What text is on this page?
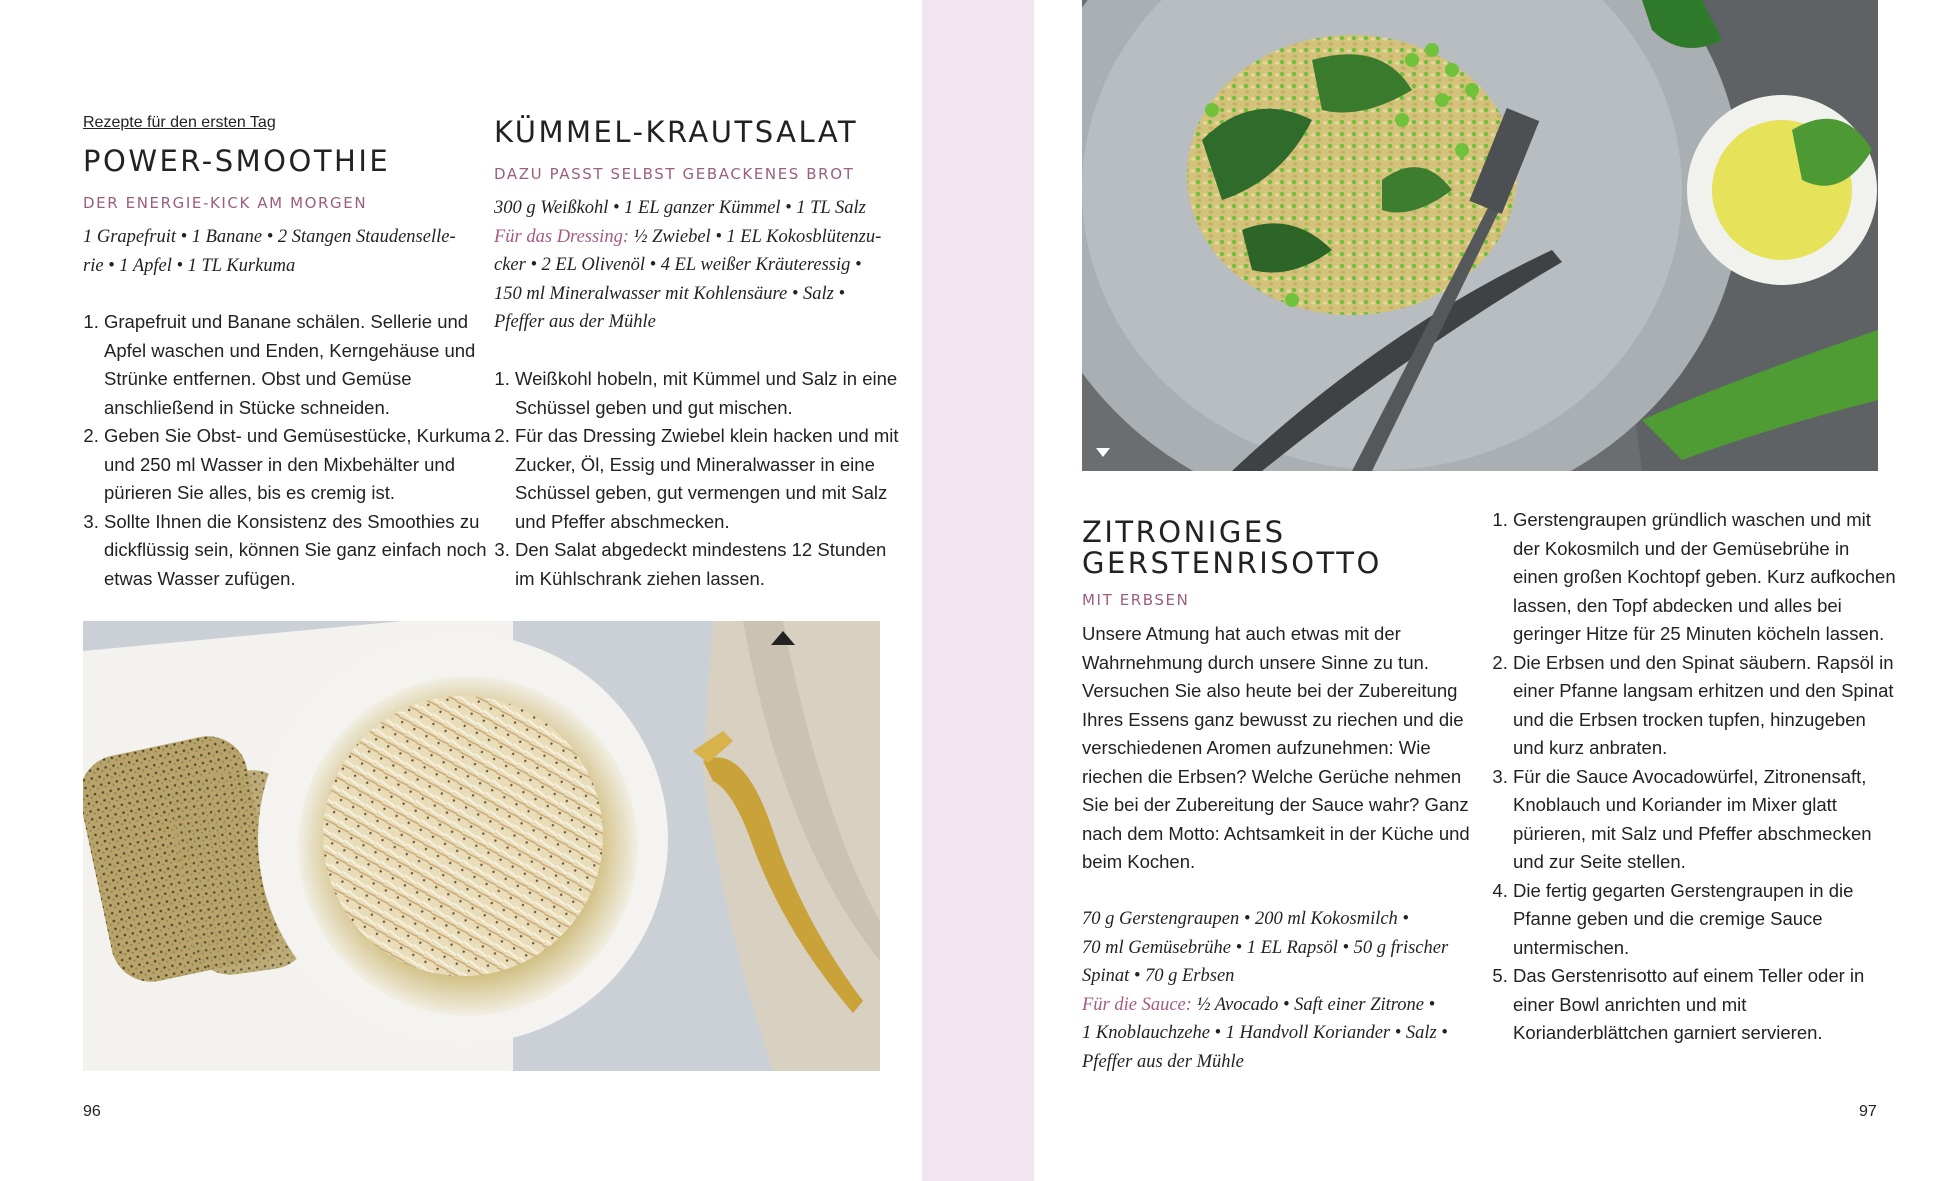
Rezepte für den ersten Tag
POWER-SMOOTHIE
DER ENERGIE-KICK AM MORGEN
1 Grapefruit • 1 Banane • 2 Stangen Staudenselle-
rie • 1 Apfel • 1 TL Kurkuma
1. Grapefruit und Banane schälen. Sellerie und Apfel waschen und Enden, Kerngehäuse und Strünke entfernen. Obst und Gemüse anschließend in Stücke schneiden.
2. Geben Sie Obst- und Gemüsestücke, Kurkuma und 250 ml Wasser in den Mixbehälter und pürieren Sie alles, bis es cremig ist.
3. Sollte Ihnen die Konsistenz des Smoothies zu dickflüssig sein, können Sie ganz einfach noch etwas Wasser zufügen.
KÜMMEL-KRAUTSALAT
DAZU PASST SELBST GEBACKENES BROT
300 g Weißkohl • 1 EL ganzer Kümmel • 1 TL Salz
Für das Dressing: ½ Zwiebel • 1 EL Kokosblütenzu-
cker • 2 EL Olivenöl • 4 EL weißer Kräuteressig •
150 ml Mineralwasser mit Kohlensäure • Salz •
Pfeffer aus der Mühle
1. Weißkohl hobeln, mit Kümmel und Salz in eine Schüssel geben und gut mischen.
2. Für das Dressing Zwiebel klein hacken und mit Zucker, Öl, Essig und Mineralwasser in eine Schüssel geben, gut vermengen und mit Salz und Pfeffer abschmecken.
3. Den Salat abgedeckt mindestens 12 Stunden im Kühlschrank ziehen lassen.
96
ZITRONIGES
GERSTENRISOTTO
MIT ERBSEN
Unsere Atmung hat auch etwas mit der Wahrnehmung durch unsere Sinne zu tun. Versuchen Sie also heute bei der Zubereitung Ihres Essens ganz bewusst zu riechen und die verschiedenen Aromen aufzunehmen: Wie riechen die Erbsen? Welche Gerüche nehmen Sie bei der Zubereitung der Sauce wahr? Ganz nach dem Motto: Achtsamkeit in der Küche und beim Kochen.
70 g Gerstengraupen • 200 ml Kokosmilch •
70 ml Gemüsebrühe • 1 EL Rapsöl • 50 g frischer
Spinat • 70 g Erbsen
Für die Sauce: ½ Avocado • Saft einer Zitrone •
1 Knoblauchzehe • 1 Handvoll Koriander • Salz •
Pfeffer aus der Mühle
1. Gerstengraupen gründlich waschen und mit der Kokosmilch und der Gemüsebrühe in einen großen Kochtopf geben. Kurz aufkochen lassen, den Topf abdecken und alles bei geringer Hitze für 25 Minuten köcheln lassen.
2. Die Erbsen und den Spinat säubern. Rapsöl in einer Pfanne langsam erhitzen und den Spinat und die Erbsen trocken tupfen, hinzugeben und kurz anbraten.
3. Für die Sauce Avocadowürfel, Zitronensaft, Knoblauch und Koriander im Mixer glatt pürieren, mit Salz und Pfeffer abschmecken und zur Seite stellen.
4. Die fertig gegarten Gerstengraupen in die Pfanne geben und die cremige Sauce untermischen.
5. Das Gerstenrisotto auf einem Teller oder in einer Bowl anrichten und mit Korianderblättchen garniert servieren.
97
